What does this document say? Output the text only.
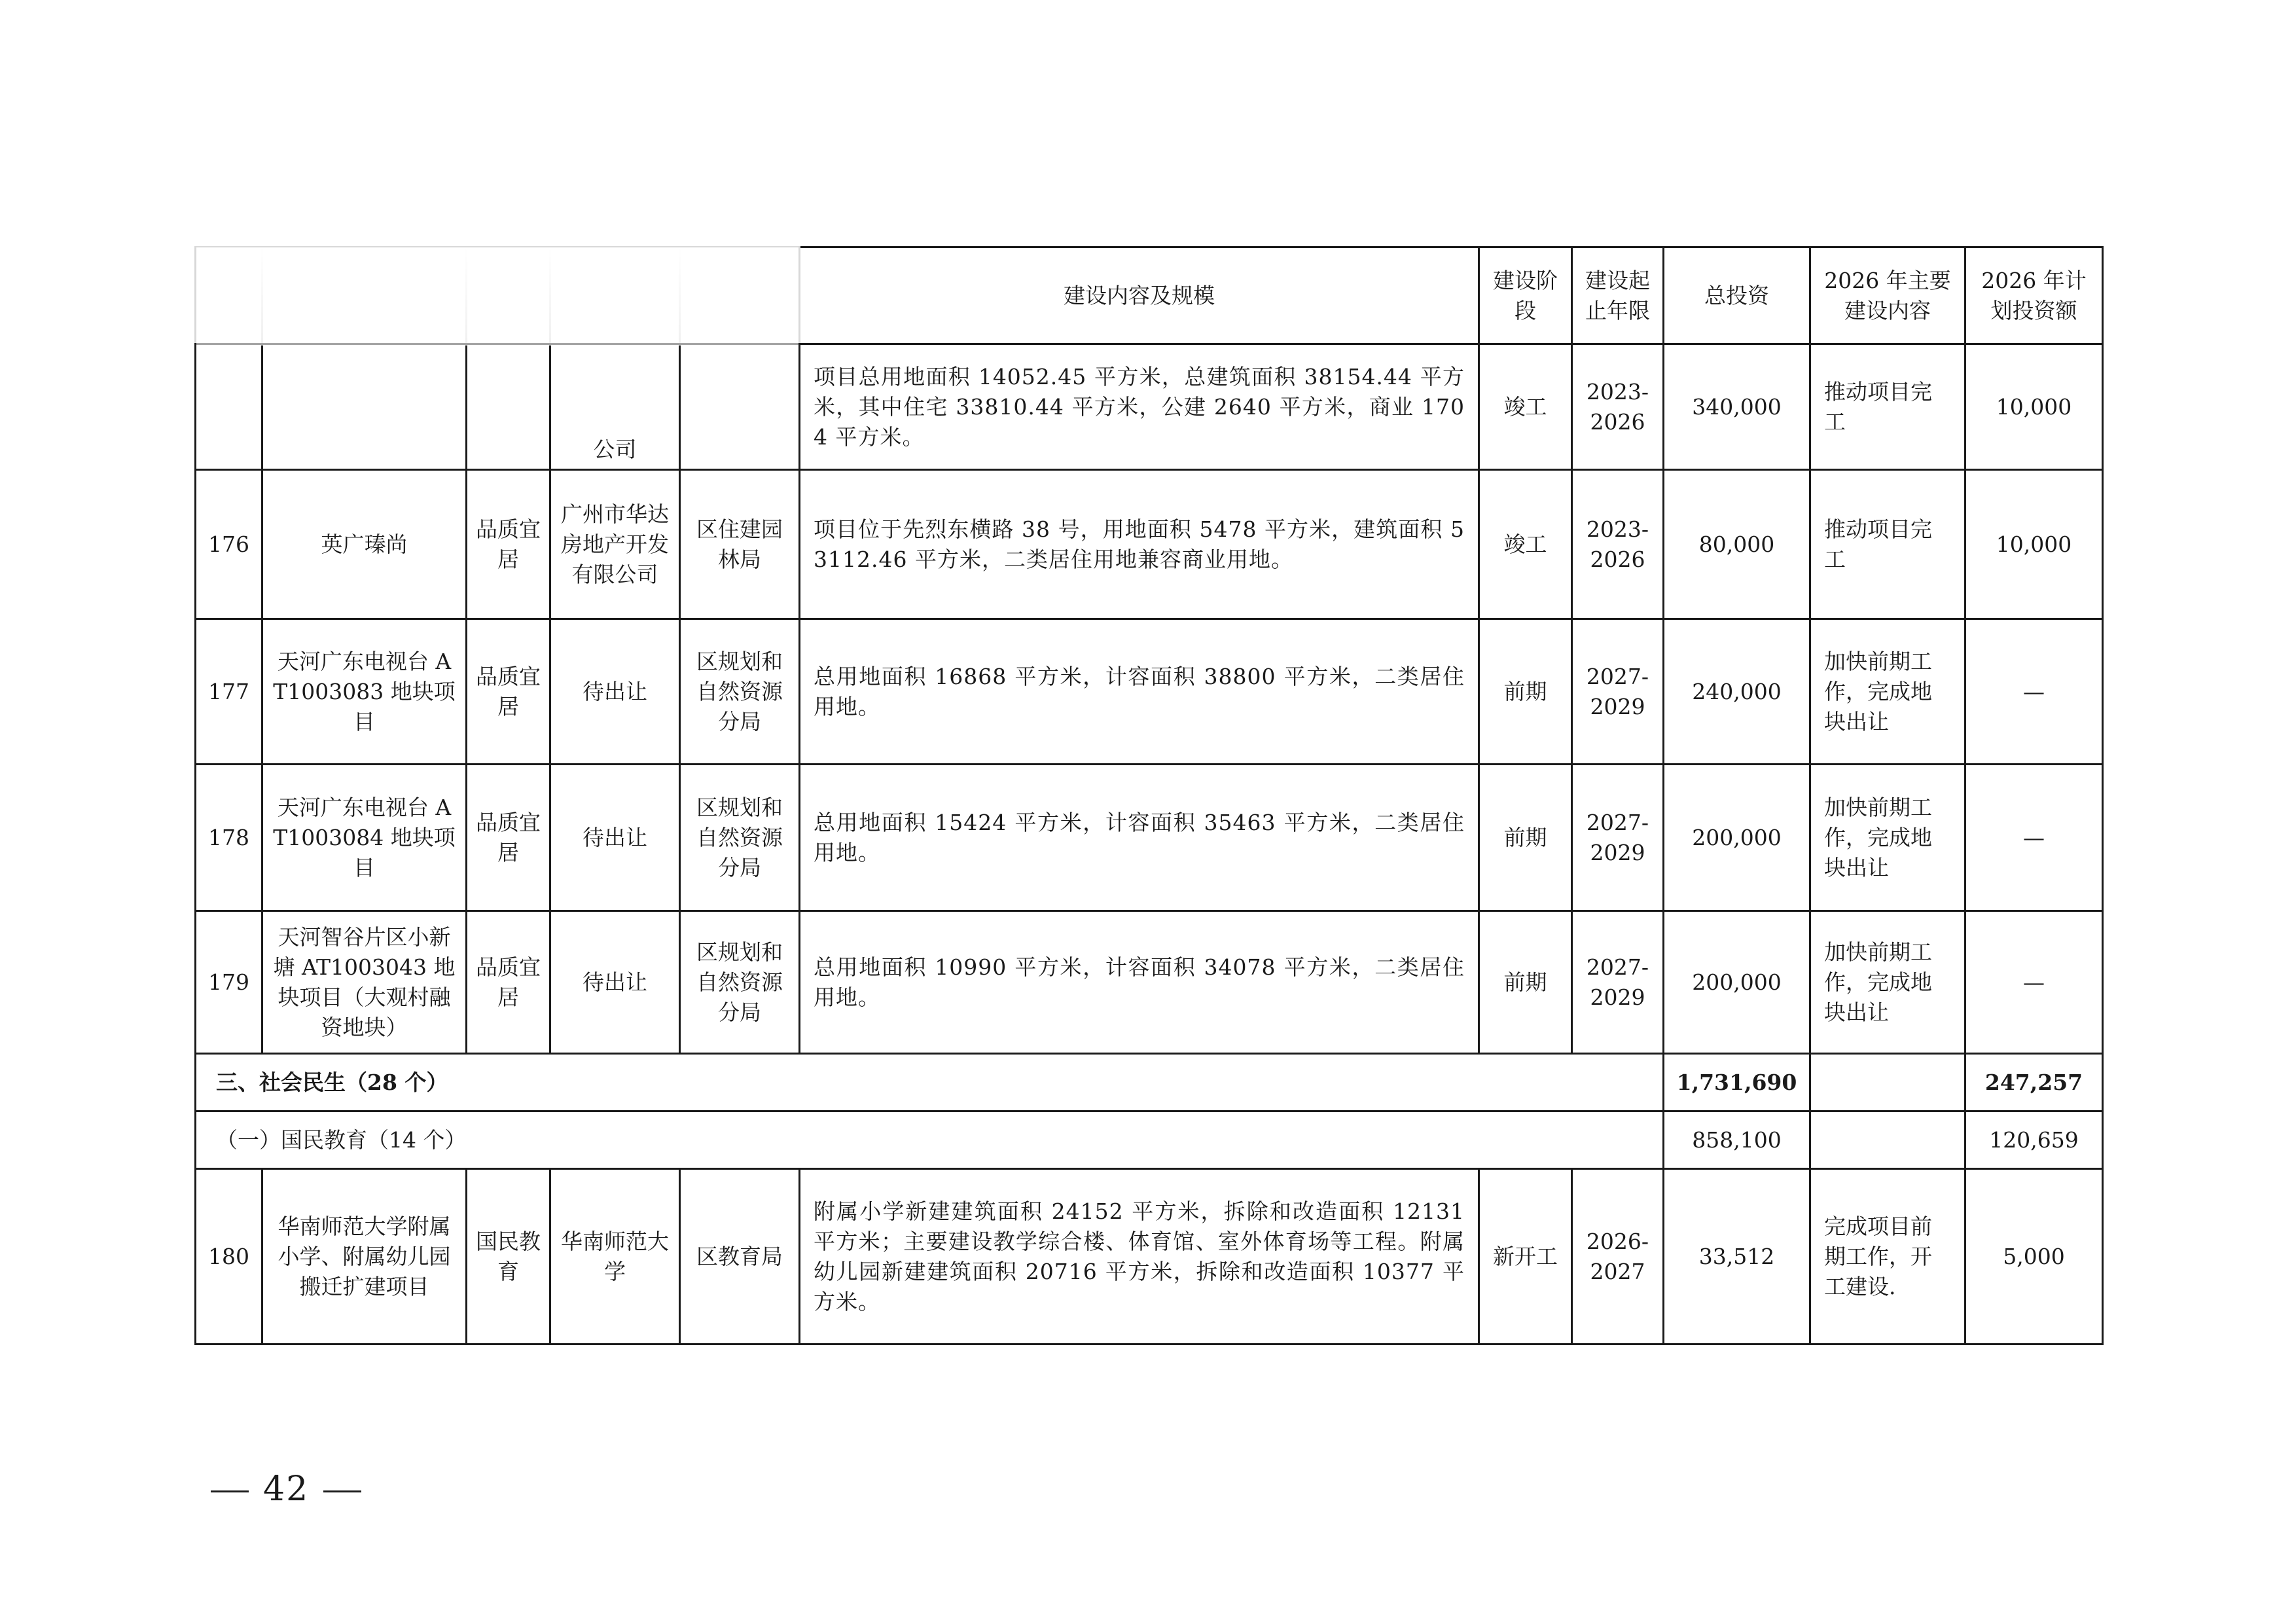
					建设内容及规模	建设阶段	建设起止年限	总投资	2026 年主要建设内容	2026 年计划投资额
			公司		项目总用地面积 14052.45 平方米，总建筑面积 38154.44 平方米，其中住宅 33810.44 平方米，公建 2640 平方米，商业 1704 平方米。	竣工	2023-2026	340,000	推动项目完工	10,000
176	英广瑧尚	品质宜居	广州市华达房地产开发有限公司	区住建园林局	项目位于先烈东横路 38 号，用地面积 5478 平方米，建筑面积 53112.46 平方米，二类居住用地兼容商业用地。	竣工	2023-2026	80,000	推动项目完工	10,000
177	天河广东电视台 AT1003083 地块项目	品质宜居	待出让	区规划和自然资源分局	总用地面积 16868 平方米，计容面积 38800 平方米，二类居住用地。	前期	2027-2029	240,000	加快前期工作，完成地块出让	—
178	天河广东电视台 AT1003084 地块项目	品质宜居	待出让	区规划和自然资源分局	总用地面积 15424 平方米，计容面积 35463 平方米，二类居住用地。	前期	2027-2029	200,000	加快前期工作，完成地块出让	—
179	天河智谷片区小新塘 AT1003043 地块项目（大观村融资地块）	品质宜居	待出让	区规划和自然资源分局	总用地面积 10990 平方米，计容面积 34078 平方米，二类居住用地。	前期	2027-2029	200,000	加快前期工作，完成地块出让	—
三、社会民生（28 个）								1,731,690		247,257
（一）国民教育（14 个）								858,100		120,659
180	华南师范大学附属小学、附属幼儿园搬迁扩建项目	国民教育	华南师范大学	区教育局	附属小学新建建筑面积 24152 平方米，拆除和改造面积 12131 平方米；主要建设教学综合楼、体育馆、室外体育场等工程。附属幼儿园新建建筑面积 20716 平方米，拆除和改造面积 10377 平方米。	新开工	2026-2027	33,512	完成项目前期工作，开工建设.	5,000
42
